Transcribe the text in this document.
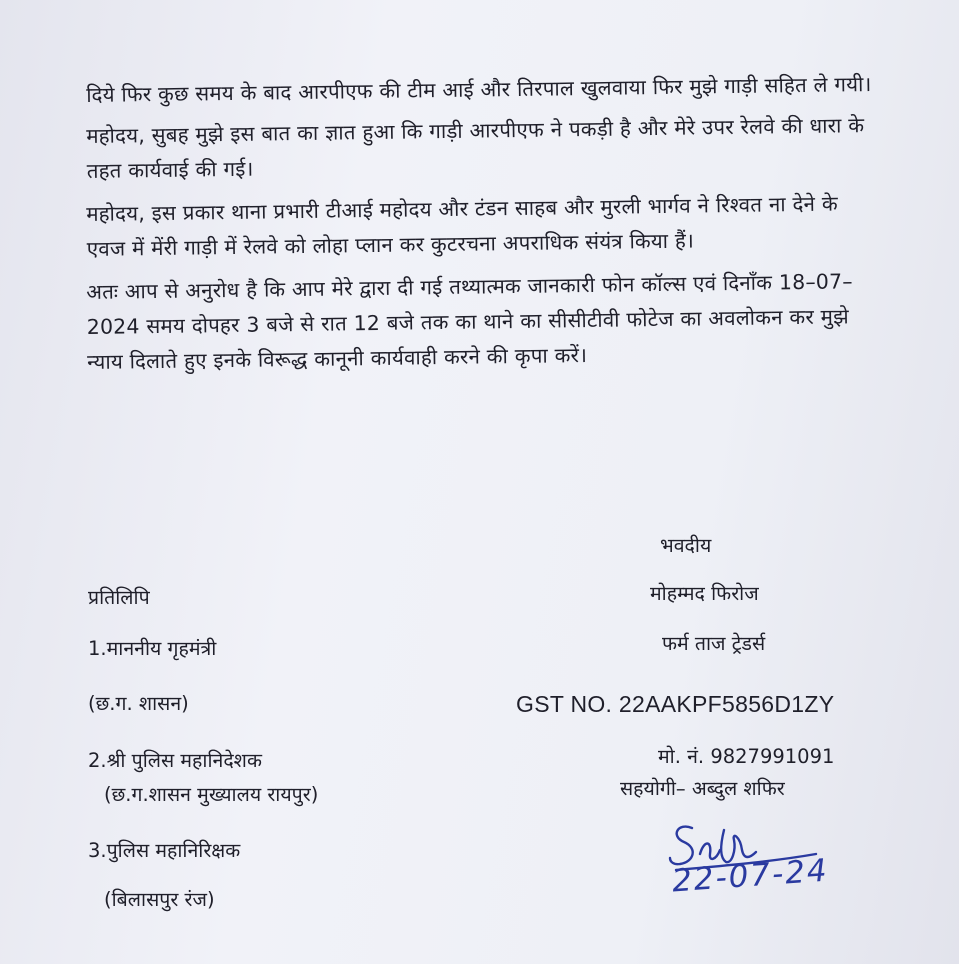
दिये फिर कुछ समय के बाद आरपीएफ की टीम आई और तिरपाल खुलवाया फिर मुझे गाड़ी सहित ले गयी।

महोदय, सुबह मुझे इस बात का ज्ञात हुआ कि गाड़ी आरपीएफ ने पकड़ी है और मेरे उपर रेलवे की धारा के तहत कार्यवाई की गई।

महोदय, इस प्रकार थाना प्रभारी टीआई महोदय और टंडन साहब और मुरली भार्गव ने रिश्वत ना देने के एवज में मेंरी गाड़ी में रेलवे को लोहा प्लान कर कुटरचना अपराधिक संयंत्र किया हैं।

अतः आप से अनुरोध है कि आप मेरे द्वारा दी गई तथ्यात्मक जानकारी फोन कॉल्स एवं दिनाँक 18–07–2024 समय दोपहर 3 बजे से रात 12 बजे तक का थाने का सीसीटीवी फोटेज का अवलोकन कर मुझे न्याय दिलाते हुए इनके विरूद्ध कानूनी कार्यवाही करने की कृपा करें।

भवदीय
मोहम्मद फिरोज
फर्म ताज ट्रेडर्स
GST NO. 22AAKPF5856D1ZY
मो. नं. 9827991091
सहयोगी– अब्दुल शफिर
प्रतिलिपि
1.माननीय गृहमंत्री
(छ.ग. शासन)
2.श्री पुलिस महानिदेशक
(छ.ग.शासन मुख्यालय रायपुर)
3.पुलिस महानिरिक्षक
(बिलासपुर रंज)
22-07-24
